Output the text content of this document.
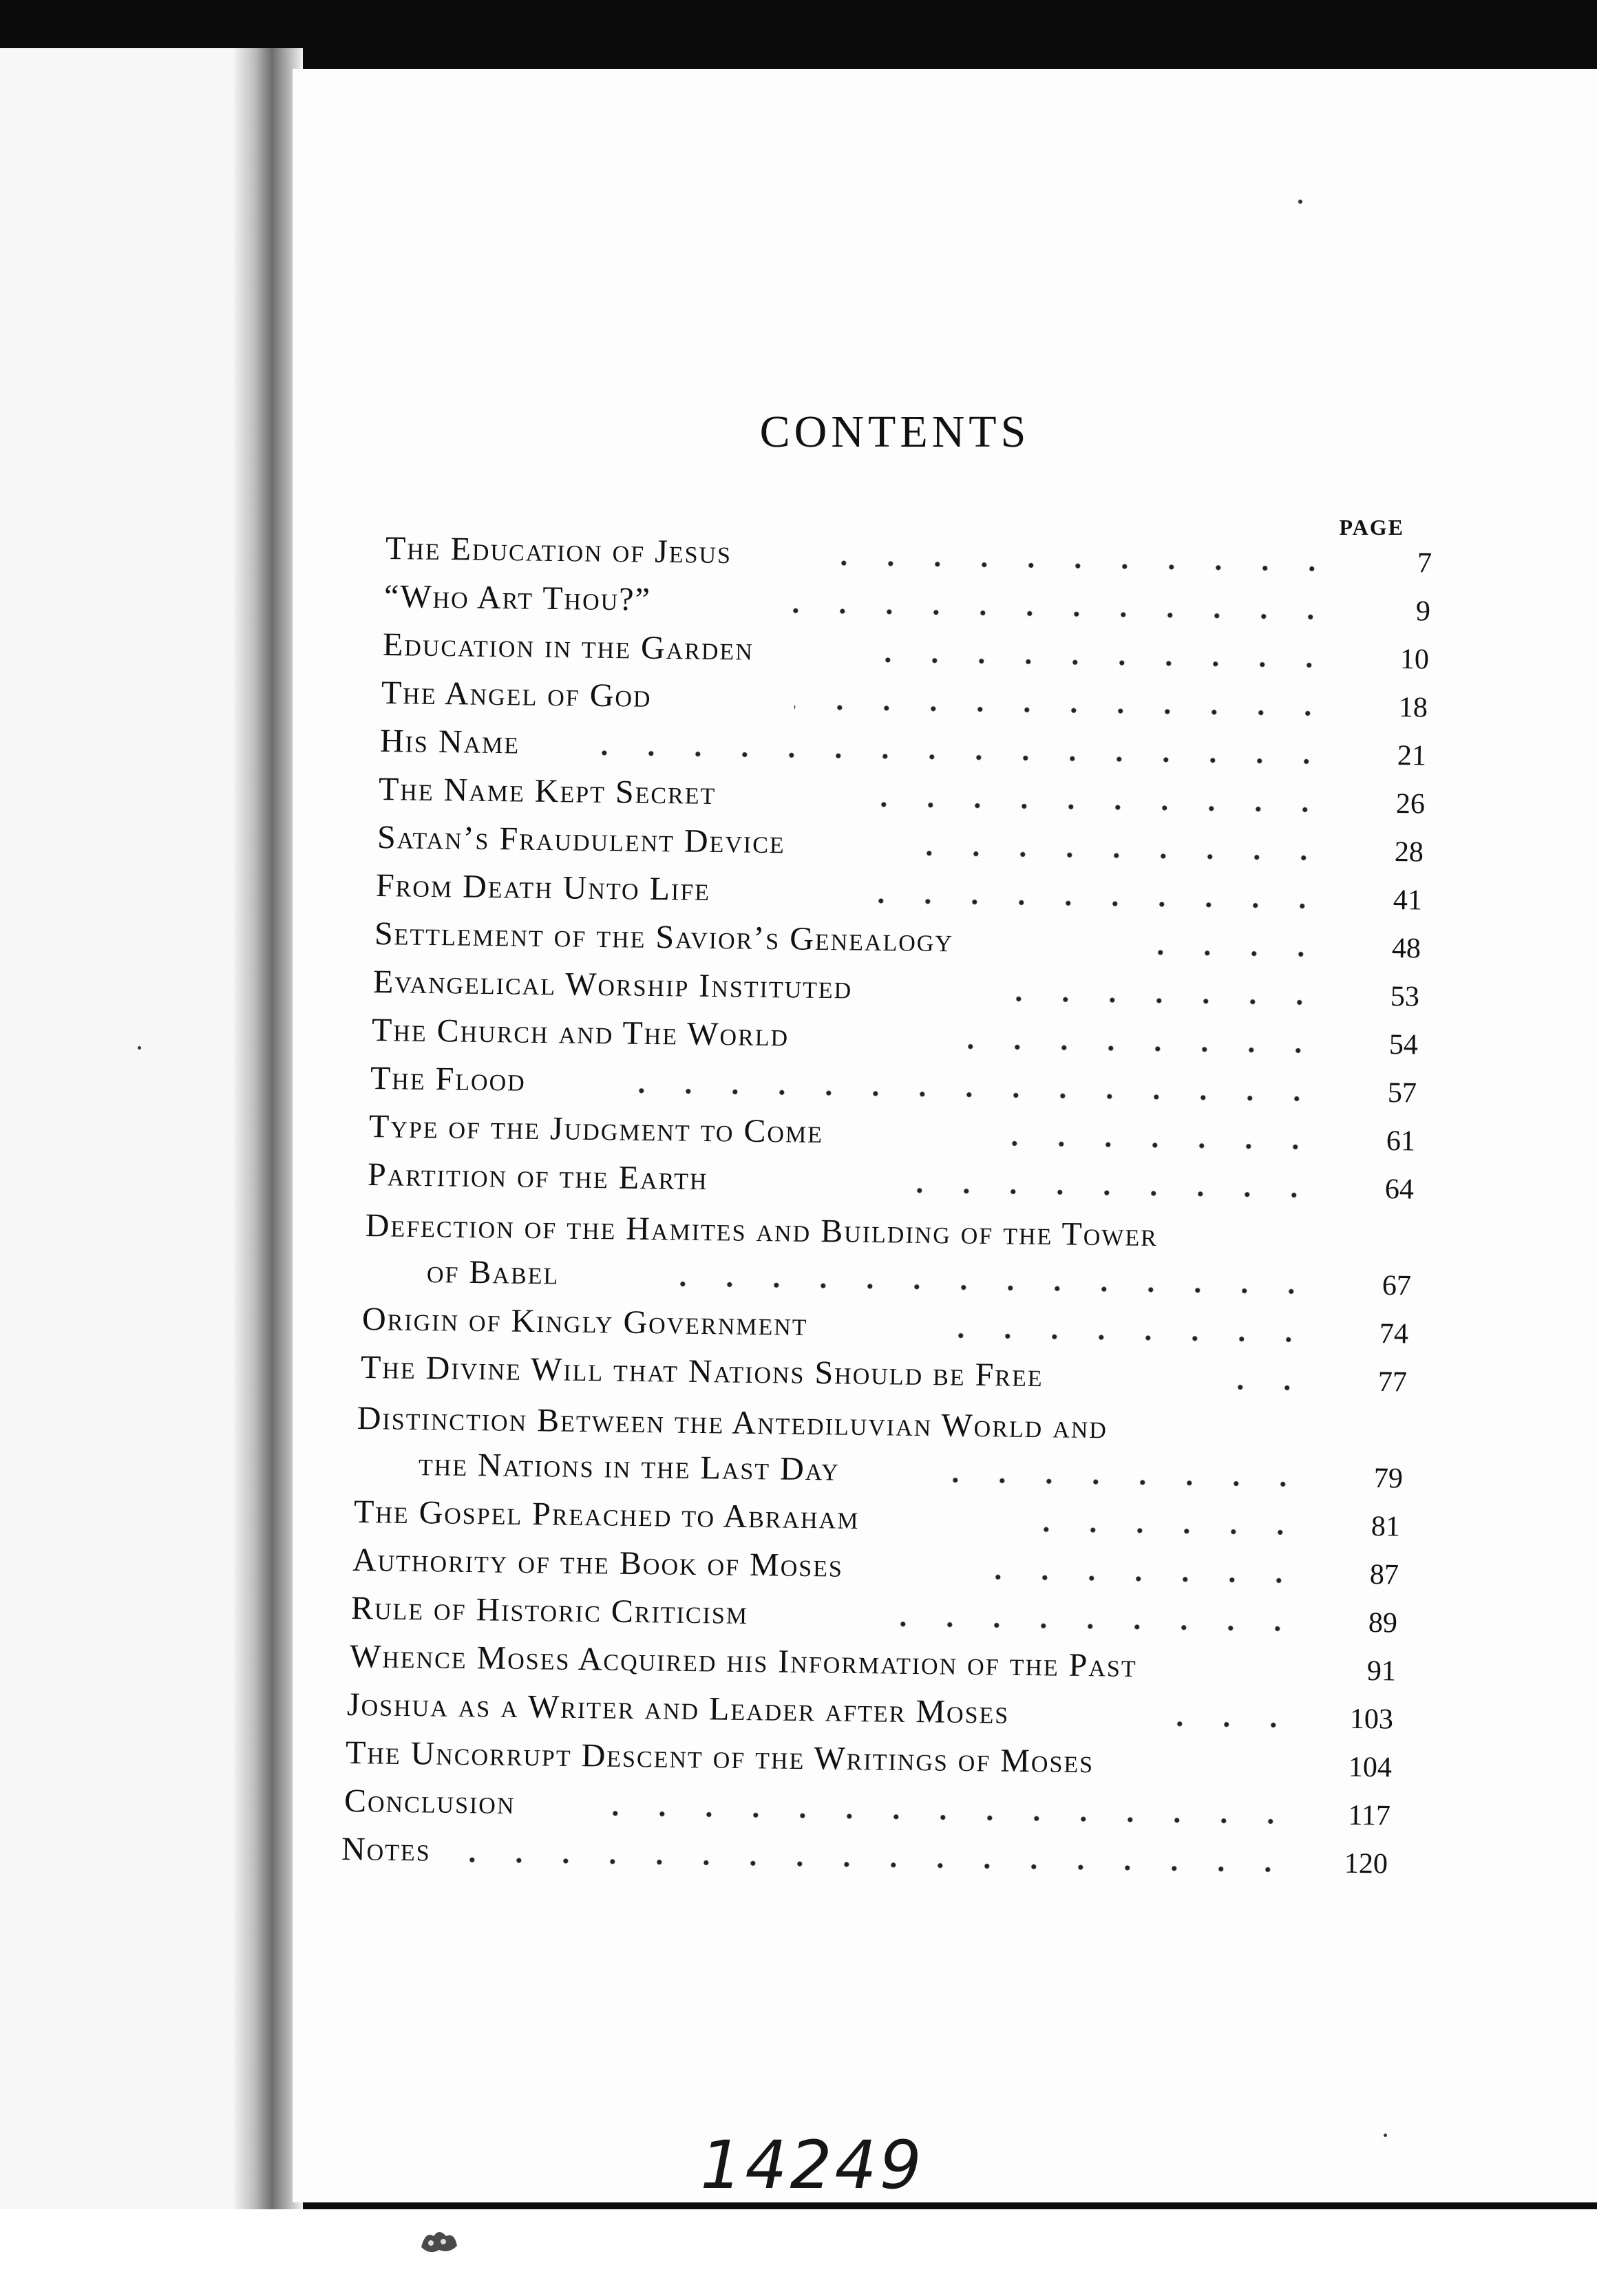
CONTENTS
PAGE
The Education of Jesus	7
“Who Art Thou?”	9
Education in the Garden	10
The Angel of God	18
His Name	21
The Name Kept Secret	26
Satan’s Fraudulent Device	28
From Death Unto Life	41
Settlement of the Savior’s Genealogy	48
Evangelical Worship Instituted	53
The Church and The World	54
The Flood	57
Type of the Judgment to Come	61
Partition of the Earth	64
Defection of the Hamites and Building of the Tower
of Babel	67
Origin of Kingly Government	74
The Divine Will that Nations Should be Free	77
Distinction Between the Antediluvian World and
the Nations in the Last Day	79
The Gospel Preached to Abraham	81
Authority of the Book of Moses	87
Rule of Historic Criticism	89
Whence Moses Acquired his Information of the Past	91
Joshua as a Writer and Leader after Moses	103
The Uncorrupt Descent of the Writings of Moses	104
Conclusion	117
Notes	120
14249
